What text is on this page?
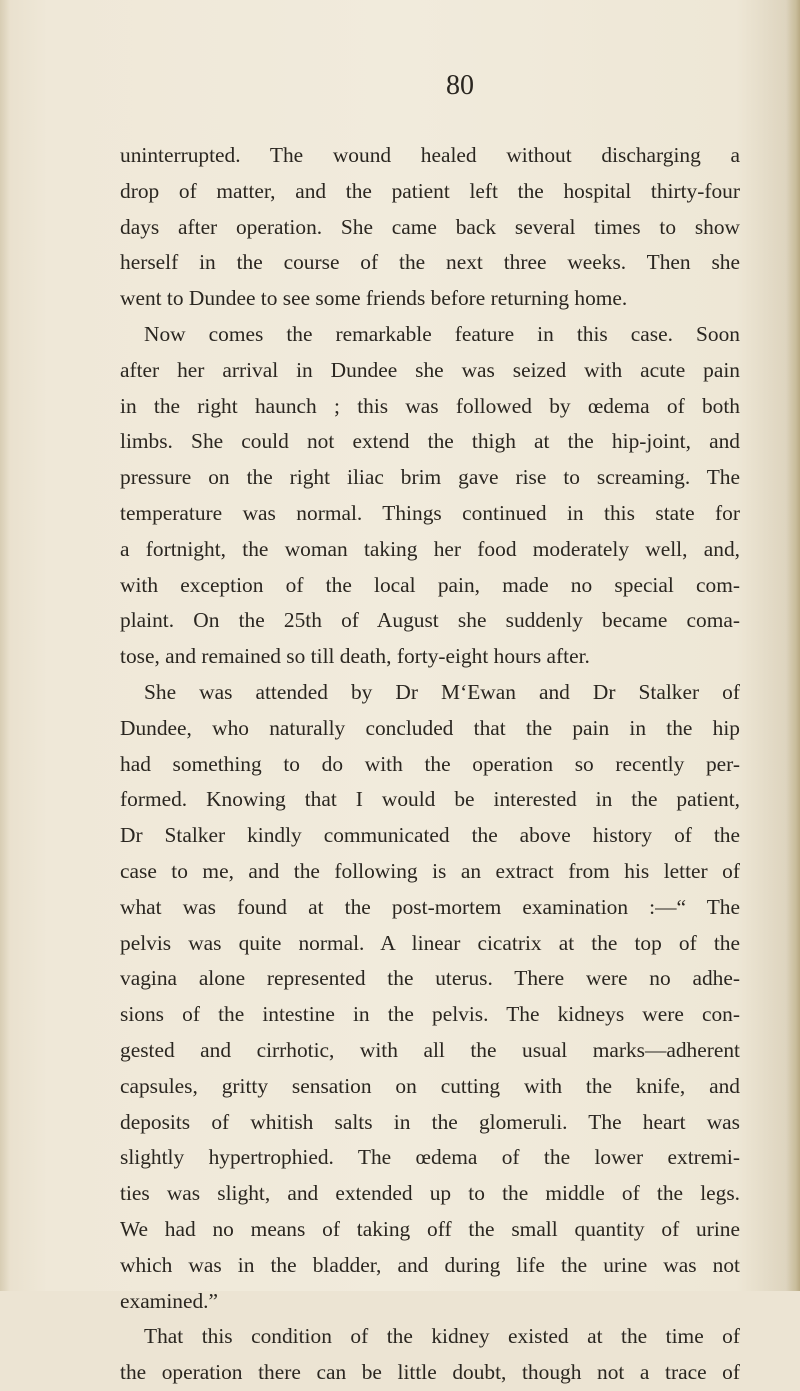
80
uninterrupted. The wound healed without discharging a
drop of matter, and the patient left the hospital thirty-four
days after operation. She came back several times to show
herself in the course of the next three weeks. Then she
went to Dundee to see some friends before returning home.
Now comes the remarkable feature in this case. Soon
after her arrival in Dundee she was seized with acute pain
in the right haunch ; this was followed by œdema of both
limbs. She could not extend the thigh at the hip-joint, and
pressure on the right iliac brim gave rise to screaming. The
temperature was normal. Things continued in this state for
a fortnight, the woman taking her food moderately well, and,
with exception of the local pain, made no special com-
plaint. On the 25th of August she suddenly became coma-
tose, and remained so till death, forty-eight hours after.
She was attended by Dr M‘Ewan and Dr Stalker of
Dundee, who naturally concluded that the pain in the hip
had something to do with the operation so recently per-
formed. Knowing that I would be interested in the patient,
Dr Stalker kindly communicated the above history of the
case to me, and the following is an extract from his letter of
what was found at the post-mortem examination :—“ The
pelvis was quite normal. A linear cicatrix at the top of the
vagina alone represented the uterus. There were no adhe-
sions of the intestine in the pelvis. The kidneys were con-
gested and cirrhotic, with all the usual marks—adherent
capsules, gritty sensation on cutting with the knife, and
deposits of whitish salts in the glomeruli. The heart was
slightly hypertrophied. The œdema of the lower extremi-
ties was slight, and extended up to the middle of the legs.
We had no means of taking off the small quantity of urine
which was in the bladder, and during life the urine was not
examined.”
That this condition of the kidney existed at the time of
the operation there can be little doubt, though not a trace of
